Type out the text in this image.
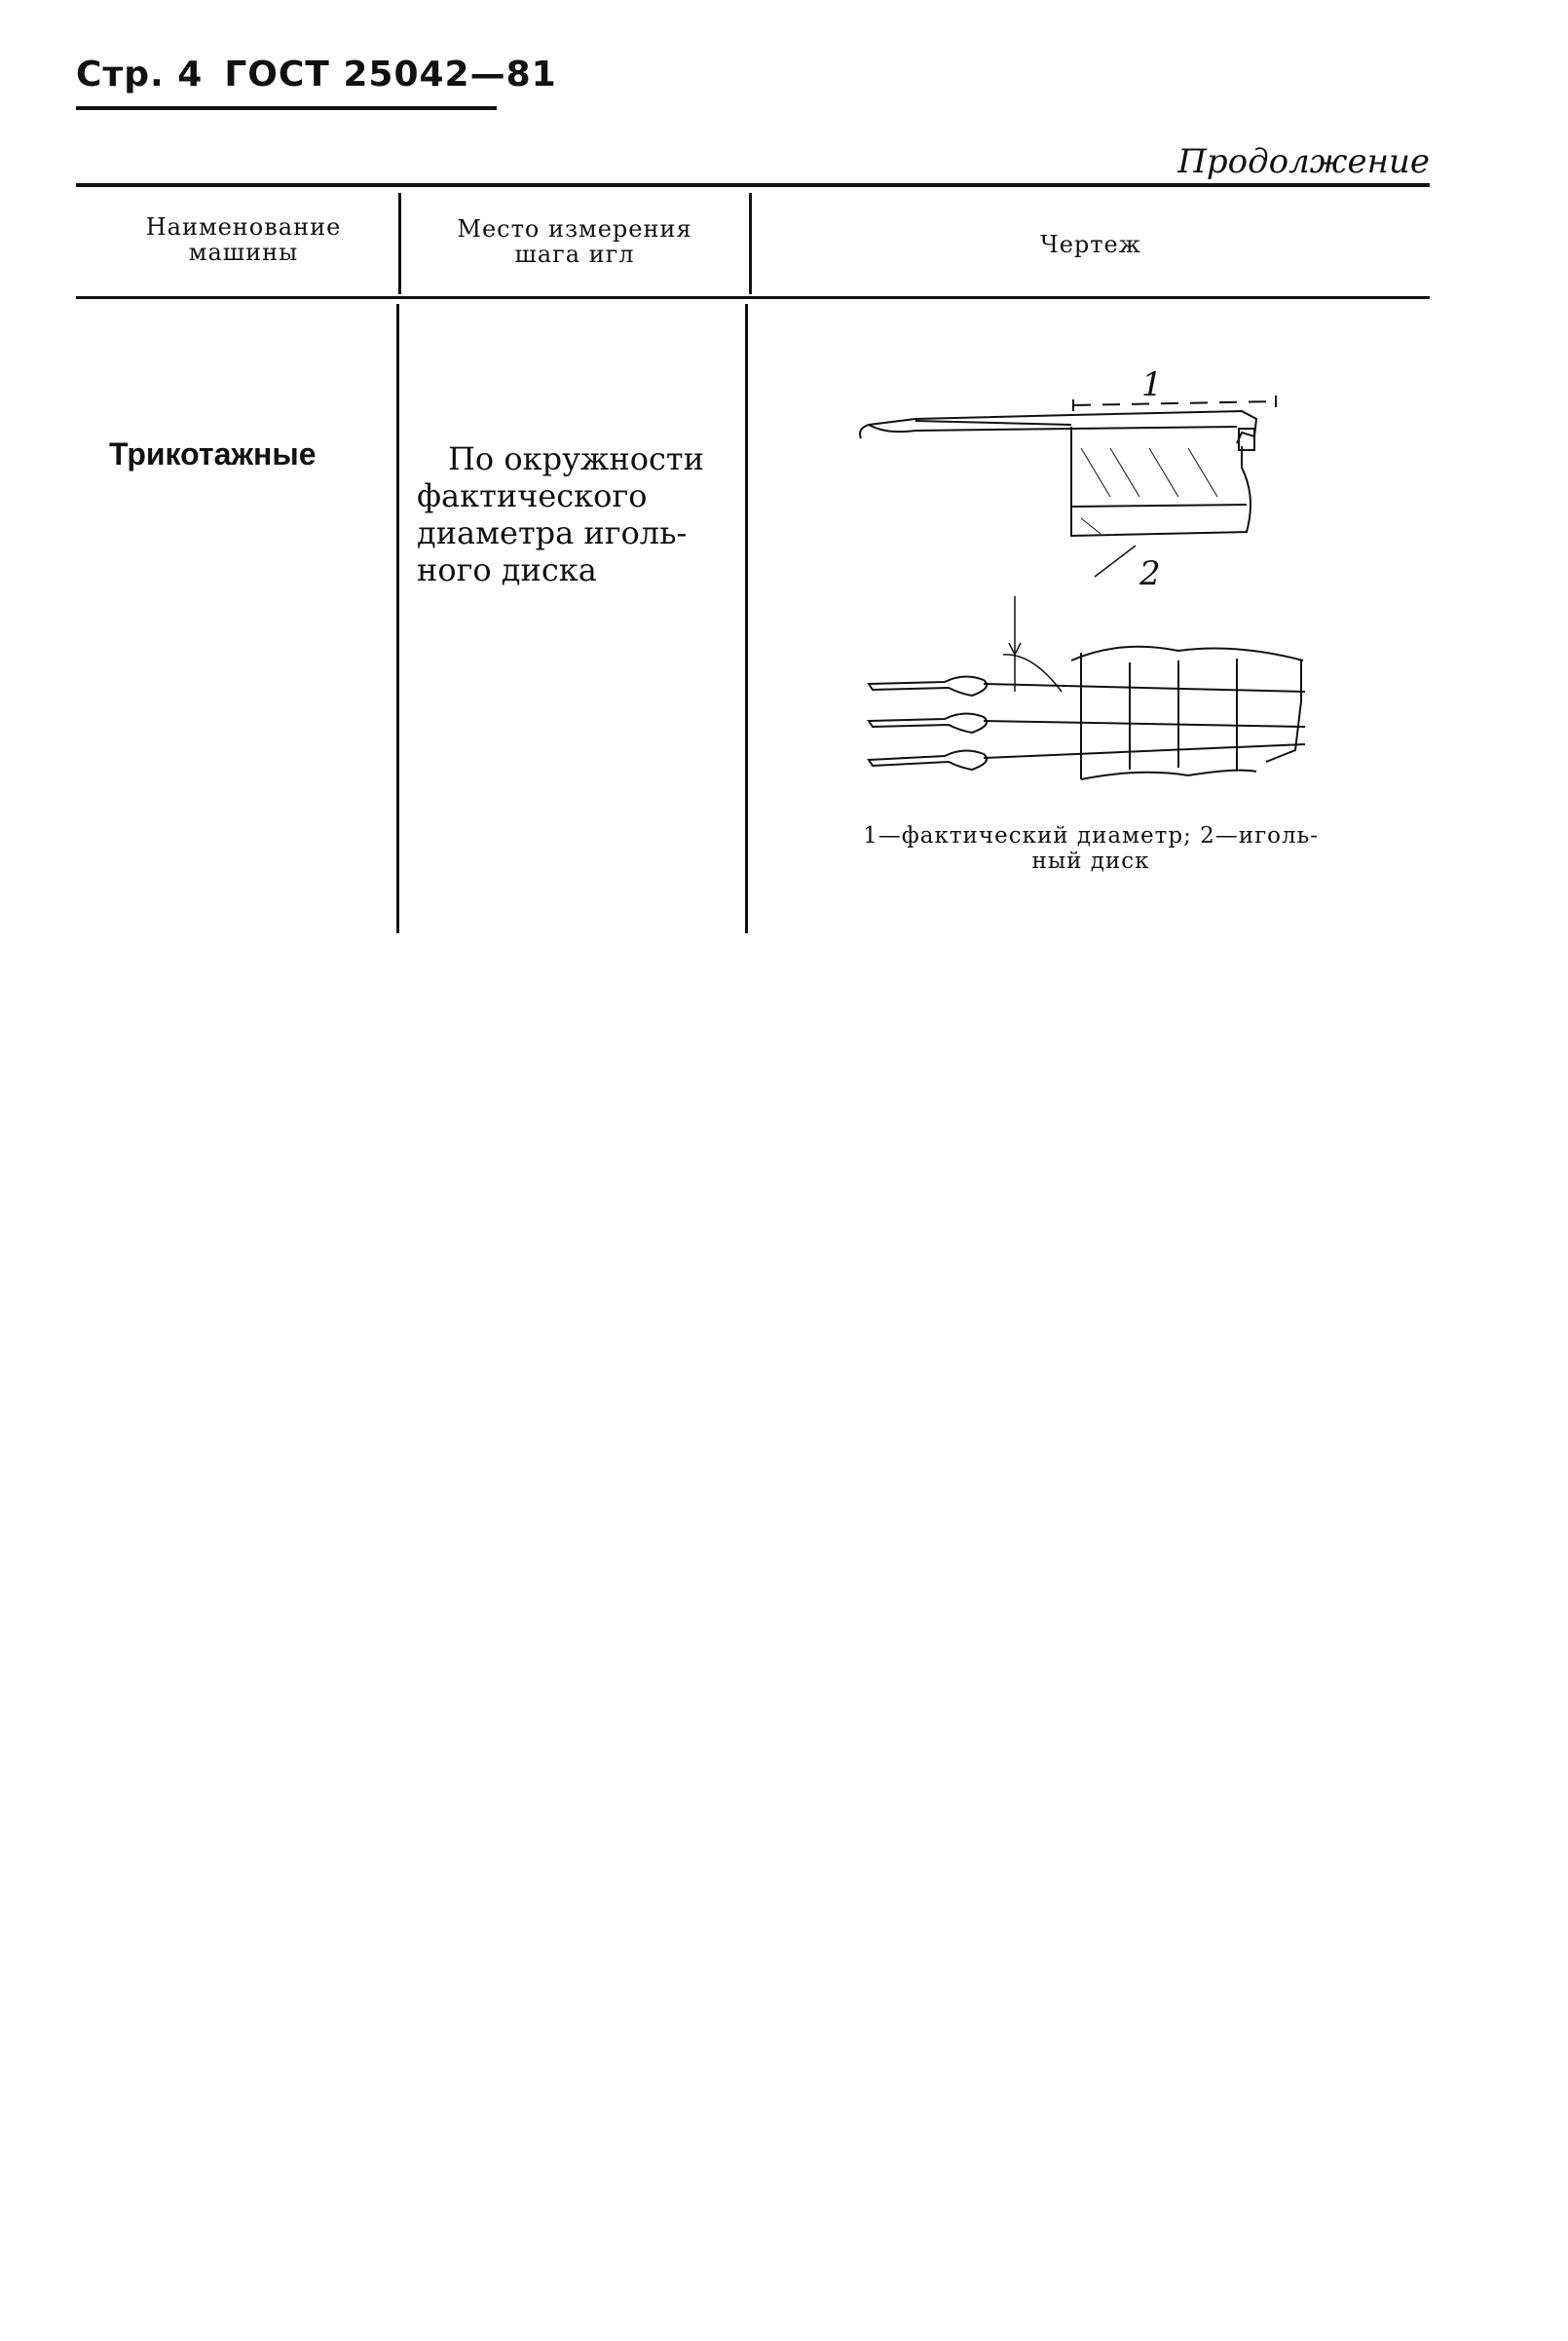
Стр. 4 ГОСТ 25042—81
Продолжение
Наименование
машины
Место измерения
шага игл	Чертеж
Трикотажные	По окружности
фактического
диаметра иголь-
ного диска
1
2
1—фактический диаметр; 2—иголь-
ный диск
